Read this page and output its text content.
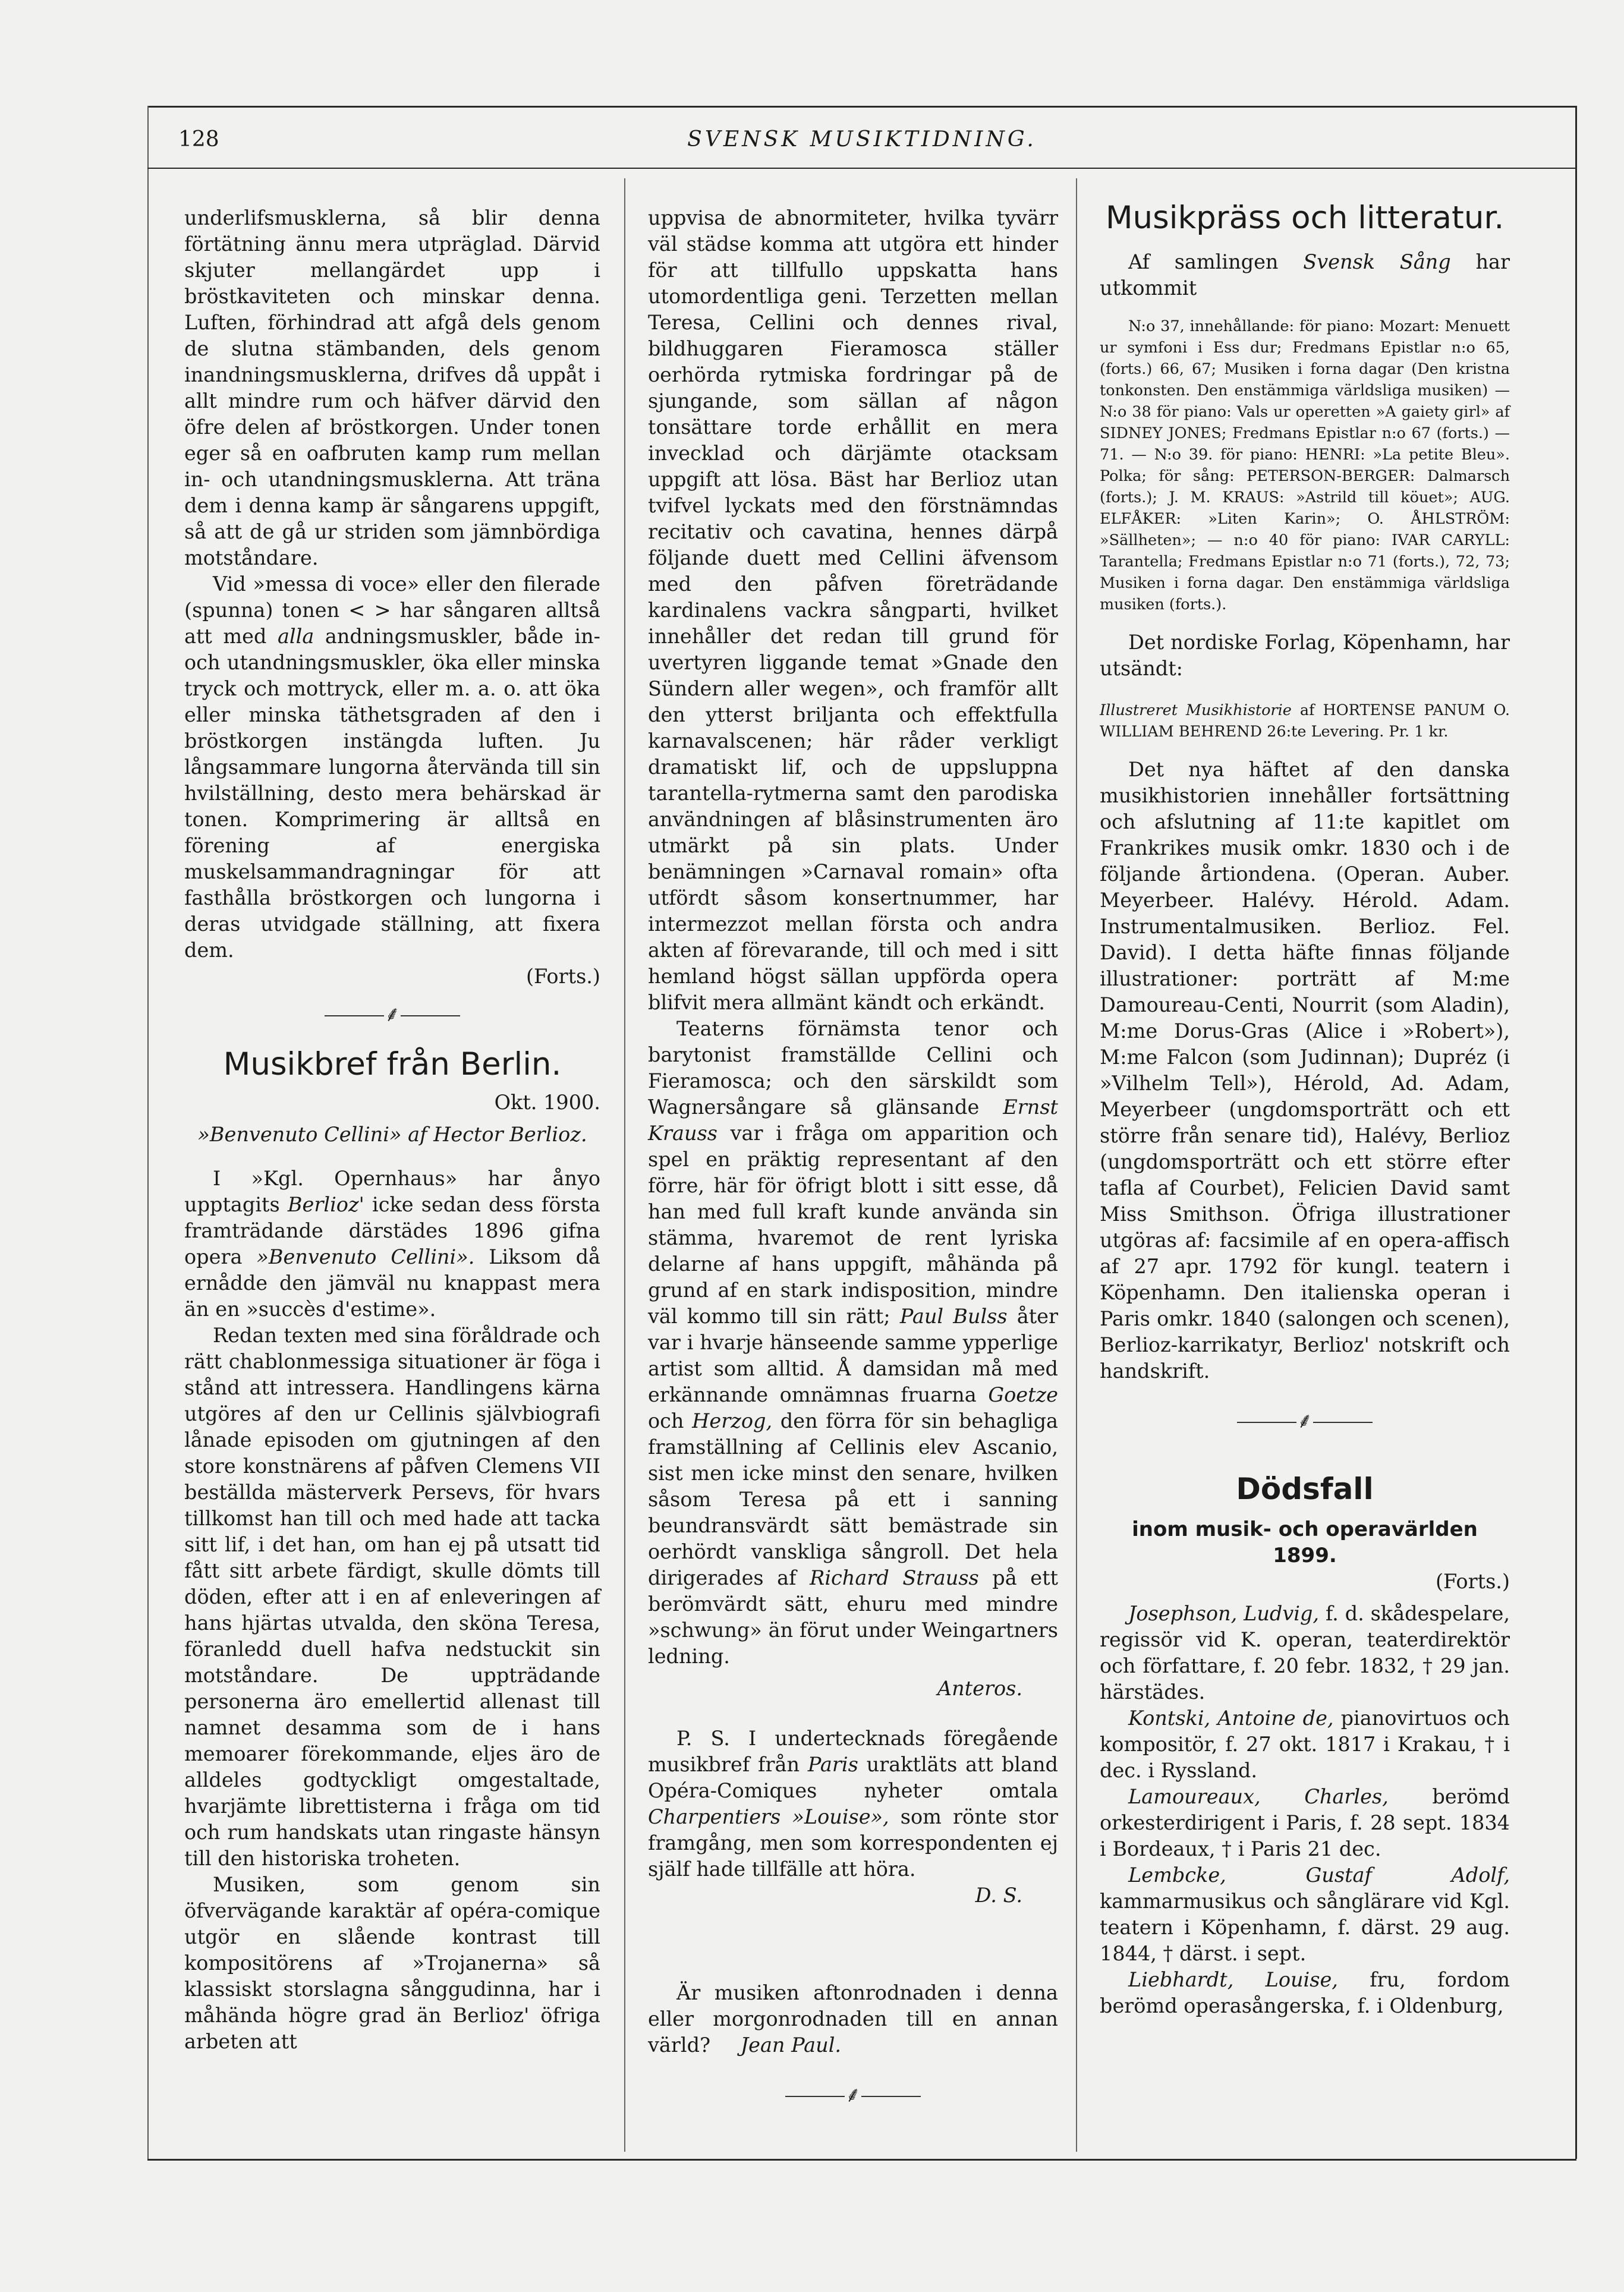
128	SVENSK MUSIKTIDNING.

underlifsmusklerna, så blir denna förtätning ännu mera utpräglad. Därvid skjuter mellangärdet upp i bröstkaviteten och minskar denna. Luften, förhindrad att afgå dels genom de slutna stämbanden, dels genom inandningsmusklerna, drifves då uppåt i allt mindre rum och häfver därvid den öfre delen af bröstkorgen. Under tonen eger så en oafbruten kamp rum mellan in- och utandningsmusklerna. Att träna dem i denna kamp är sångarens uppgift, så att de gå ur striden som jämnbördiga motståndare.

Vid »messa di voce» eller den filerade (spunna) tonen < > har sångaren alltså att med alla andningsmuskler, både in- och utandningsmuskler, öka eller minska tryck och mottryck, eller m. a. o. att öka eller minska täthetsgraden af den i bröstkorgen instängda luften. Ju långsammare lungorna återvända till sin hvilställning, desto mera behärskad är tonen. Komprimering är alltså en förening af energiska muskelsammandragningar för att fasthålla bröstkorgen och lungorna i deras utvidgade ställning, att fixera dem.

(Forts.)

⸙

Musikbref från Berlin.

Okt. 1900.

»Benvenuto Cellini» af Hector Berlioz.

I »Kgl. Opernhaus» har ånyo upptagits Berlioz' icke sedan dess första framträdande därstädes 1896 gifna opera »Benvenuto Cellini». Liksom då ernådde den jämväl nu knappast mera än en »succès d'estime».

Redan texten med sina föråldrade och rätt chablonmessiga situationer är föga i stånd att intressera. Handlingens kärna utgöres af den ur Cellinis självbiografi lånade episoden om gjutningen af den store konstnärens af påfven Clemens VII beställda mästerverk Persevs, för hvars tillkomst han till och med hade att tacka sitt lif, i det han, om han ej på utsatt tid fått sitt arbete färdigt, skulle dömts till döden, efter att i en af enleveringen af hans hjärtas utvalda, den sköna Teresa, föranledd duell hafva nedstuckit sin motståndare. De uppträdande personerna äro emellertid allenast till namnet desamma som de i hans memoarer förekommande, eljes äro de alldeles godtyckligt omgestaltade, hvarjämte librettisterna i fråga om tid och rum handskats utan ringaste hänsyn till den historiska troheten.

Musiken, som genom sin öfvervägande karaktär af opéra-comique utgör en slående kontrast till kompositörens af »Trojanerna» så klassiskt storslagna sånggudinna, har i måhända högre grad än Berlioz' öfriga arbeten att

uppvisa de abnormiteter, hvilka tyvärr väl städse komma att utgöra ett hinder för att tillfullo uppskatta hans utomordentliga geni. Terzetten mellan Teresa, Cellini och dennes rival, bildhuggaren Fieramosca ställer oerhörda rytmiska fordringar på de sjungande, som sällan af någon tonsättare torde erhållit en mera invecklad och därjämte otacksam uppgift att lösa. Bäst har Berlioz utan tvifvel lyckats med den förstnämndas recitativ och cavatina, hennes därpå följande duett med Cellini äfvensom med den påfven företrädande kardinalens vackra sångparti, hvilket innehåller det redan till grund för uvertyren liggande temat »Gnade den Sündern aller wegen», och framför allt den ytterst briljanta och effektfulla karnavalscenen; här råder verkligt dramatiskt lif, och de uppsluppna tarantella-rytmerna samt den parodiska användningen af blåsinstrumenten äro utmärkt på sin plats. Under benämningen »Carnaval romain» ofta utfördt såsom konsertnummer, har intermezzot mellan första och andra akten af förevarande, till och med i sitt hemland högst sällan uppförda opera blifvit mera allmänt kändt och erkändt.

Teaterns förnämsta tenor och barytonist framställde Cellini och Fieramosca; och den särskildt som Wagnersångare så glänsande Ernst Krauss var i fråga om apparition och spel en präktig representant af den förre, här för öfrigt blott i sitt esse, då han med full kraft kunde använda sin stämma, hvaremot de rent lyriska delarne af hans uppgift, måhända på grund af en stark indisposition, mindre väl kommo till sin rätt; Paul Bulss åter var i hvarje hänseende samme ypperlige artist som alltid. Å damsidan må med erkännande omnämnas fruarna Goetze och Herzog, den förra för sin behagliga framställning af Cellinis elev Ascanio, sist men icke minst den senare, hvilken såsom Teresa på ett i sanning beundransvärdt sätt bemästrade sin oerhördt vanskliga sångroll. Det hela dirigerades af Richard Strauss på ett berömvärdt sätt, ehuru med mindre »schwung» än förut under Weingartners ledning.

Anteros.

P. S. I undertecknads föregående musikbref från Paris uraktläts att bland Opéra-Comiques nyheter omtala Charpentiers »Louise», som rönte stor framgång, men som korrespondenten ej själf hade tillfälle att höra.

D. S.

Är musiken aftonrodnaden i denna eller morgonrodnaden till en annan värld? Jean Paul.

⸙

Musikpräss och litteratur.

Af samlingen Svensk Sång har utkommit

N:o 37, innehållande: för piano: Mozart: Menuett ur symfoni i Ess dur; Fredmans Epistlar n:o 65, (forts.) 66, 67; Musiken i forna dagar (Den kristna tonkonsten. Den enstämmiga världsliga musiken) — N:o 38 för piano: Vals ur operetten »A gaiety girl» af SIDNEY JONES; Fredmans Epistlar n:o 67 (forts.) — 71. — N:o 39. för piano: HENRI: »La petite Bleu». Polka; för sång: PETERSON-BERGER: Dalmarsch (forts.); J. M. KRAUS: »Astrild till köuet»; AUG. ELFÅKER: »Liten Karin»; O. ÅHLSTRÖM: »Sällheten»; — n:o 40 för piano: IVAR CARYLL: Tarantella; Fredmans Epistlar n:o 71 (forts.), 72, 73; Musiken i forna dagar. Den enstämmiga världsliga musiken (forts.).

Det nordiske Forlag, Köpenhamn, har utsändt:

Illustreret Musikhistorie af HORTENSE PANUM O. WILLIAM BEHREND 26:te Levering. Pr. 1 kr.

Det nya häftet af den danska musikhistorien innehåller fortsättning och afslutning af 11:te kapitlet om Frankrikes musik omkr. 1830 och i de följande årtiondena. (Operan. Auber. Meyerbeer. Halévy. Hérold. Adam. Instrumentalmusiken. Berlioz. Fel. David). I detta häfte finnas följande illustrationer: porträtt af M:me Damoureau-Centi, Nourrit (som Aladin), M:me Dorus-Gras (Alice i »Robert»), M:me Falcon (som Judinnan); Dupréz (i »Vilhelm Tell»), Hérold, Ad. Adam, Meyerbeer (ungdomsporträtt och ett större från senare tid), Halévy, Berlioz (ungdomsporträtt och ett större efter tafla af Courbet), Felicien David samt Miss Smithson. Öfriga illustrationer utgöras af: facsimile af en opera-affisch af 27 apr. 1792 för kungl. teatern i Köpenhamn. Den italienska operan i Paris omkr. 1840 (salongen och scenen), Berlioz-karrikatyr, Berlioz' notskrift och handskrift.

⸙

Dödsfall

inom musik- och operavärlden 1899.

(Forts.)

Josephson, Ludvig, f. d. skådespelare, regissör vid K. operan, teaterdirektör och författare, f. 20 febr. 1832, † 29 jan. härstädes.

Kontski, Antoine de, pianovirtuos och kompositör, f. 27 okt. 1817 i Krakau, † i dec. i Ryssland.

Lamoureaux, Charles, berömd orkesterdirigent i Paris, f. 28 sept. 1834 i Bordeaux, † i Paris 21 dec.

Lembcke, Gustaf Adolf, kammarmusikus och sånglärare vid Kgl. teatern i Köpenhamn, f. därst. 29 aug. 1844, † därst. i sept.

Liebhardt, Louise, fru, fordom berömd operasångerska, f. i Oldenburg,
